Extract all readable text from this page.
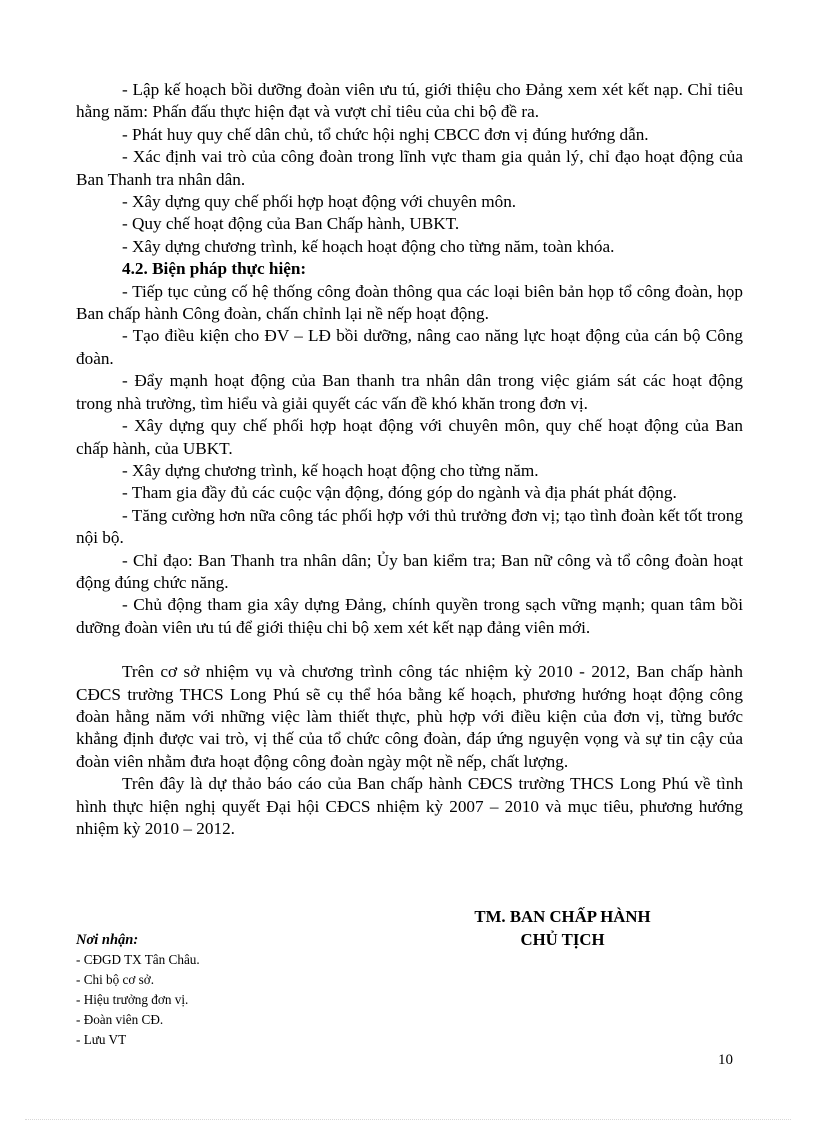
- Lập kế hoạch bồi dưỡng đoàn viên ưu tú, giới thiệu cho Đảng xem xét kết nạp. Chỉ tiêu hằng năm: Phấn đấu thực hiện đạt và vượt chỉ tiêu của chi bộ đề ra.

- Phát huy quy chế dân chủ, tổ chức hội nghị CBCC đơn vị đúng hướng dẫn.

- Xác định vai trò của công đoàn trong lĩnh vực tham gia quản lý, chỉ đạo hoạt động của Ban Thanh tra nhân dân.

- Xây dựng quy chế phối hợp hoạt động với chuyên môn.

- Quy chế hoạt động của Ban Chấp hành, UBKT.

- Xây dựng chương trình, kế hoạch hoạt động cho từng năm, toàn khóa.

4.2. Biện pháp thực hiện:

- Tiếp tục củng cố hệ thống công đoàn thông qua các loại biên bản họp tổ công đoàn, họp Ban chấp hành Công đoàn, chấn chỉnh lại nề nếp hoạt động.

- Tạo điều kiện cho ĐV – LĐ bồi dưỡng, nâng cao năng lực hoạt động của cán bộ Công đoàn.

- Đẩy mạnh hoạt động của Ban thanh tra nhân dân trong việc giám sát các hoạt động trong nhà trường, tìm hiểu và giải quyết các vấn đề khó khăn trong đơn vị.

- Xây dựng quy chế phối hợp hoạt động với chuyên môn, quy chế hoạt động của Ban chấp hành, của UBKT.

- Xây dựng chương trình, kế hoạch hoạt động cho từng năm.

- Tham gia đầy đủ các cuộc vận động, đóng góp do ngành và địa phát phát động.

- Tăng cường hơn nữa công tác phối hợp với thủ trưởng đơn vị; tạo tình đoàn kết tốt trong nội bộ.

- Chỉ đạo: Ban Thanh tra nhân dân; Ủy ban kiểm tra; Ban nữ công và tổ công đoàn hoạt động đúng chức năng.

- Chủ động tham gia xây dựng Đảng, chính quyền trong sạch vững mạnh; quan tâm bồi dưỡng đoàn viên ưu tú để giới thiệu chi bộ xem xét kết nạp đảng viên mới.

Trên cơ sở nhiệm vụ và chương trình công tác nhiệm kỳ 2010 - 2012, Ban chấp hành CĐCS trường THCS Long Phú sẽ cụ thể hóa bằng kế hoạch, phương hướng hoạt động công đoàn hằng năm với những việc làm thiết thực, phù hợp với điều kiện của đơn vị, từng bước khẳng định được vai trò, vị thế của tổ chức công đoàn, đáp ứng nguyện vọng và sự tin cậy của đoàn viên nhằm đưa hoạt động công đoàn ngày một nề nếp, chất lượng.

Trên đây là dự thảo báo cáo của Ban chấp hành CĐCS trường THCS Long Phú về tình hình thực hiện nghị quyết Đại hội CĐCS nhiệm kỳ 2007 – 2010 và mục tiêu, phương hướng nhiệm kỳ 2010 – 2012.

TM. BAN CHẤP HÀNH
CHỦ TỊCH
Nơi nhận:
- CĐGD TX Tân Châu.
- Chi bộ cơ sở.
- Hiệu trưởng đơn vị.
- Đoàn viên CĐ.
- Lưu VT
10
